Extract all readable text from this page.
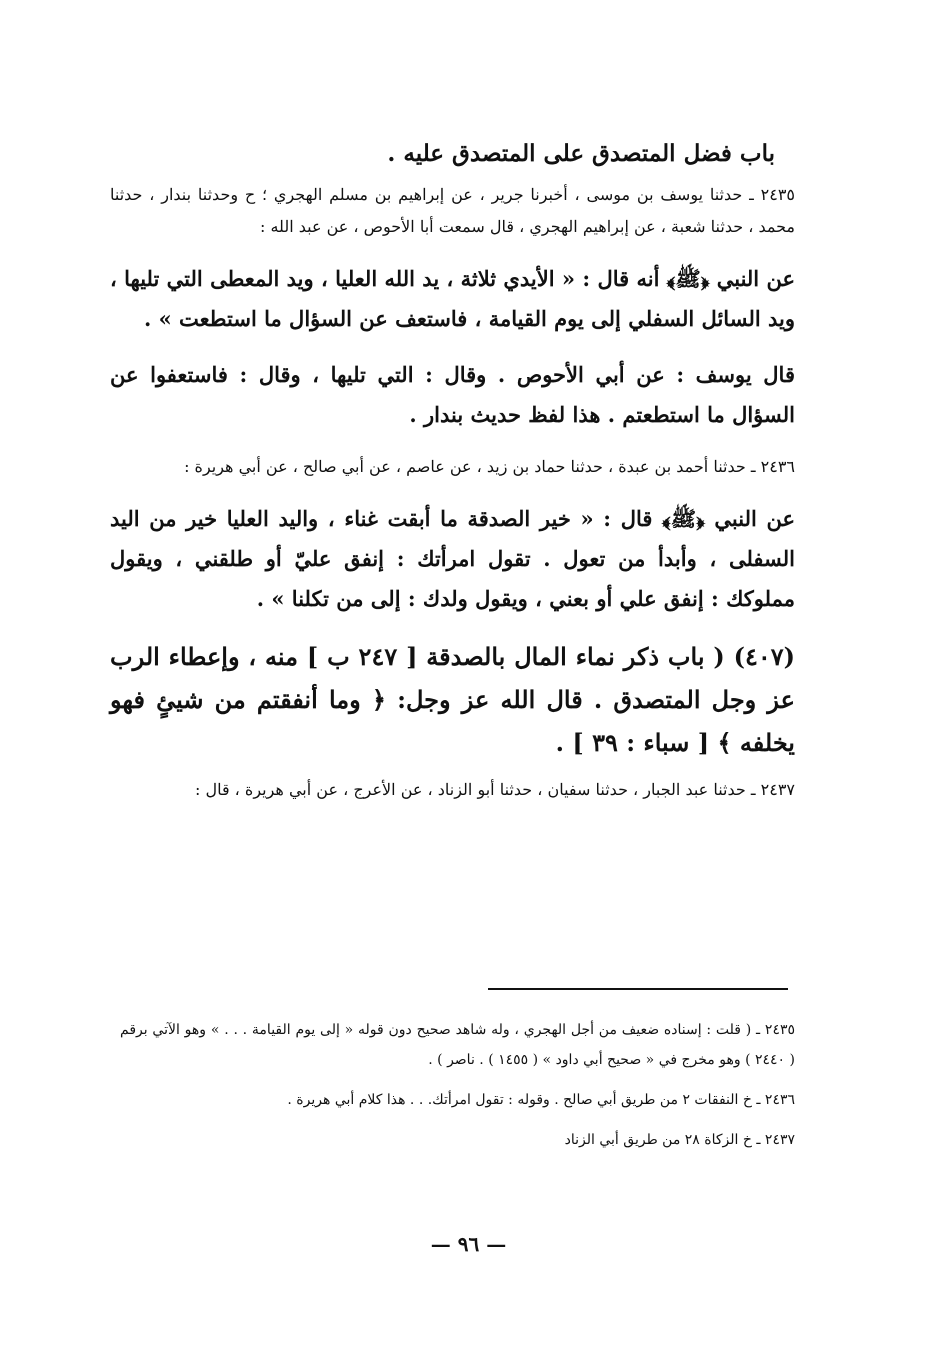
باب فضل المتصدق على المتصدق عليه .
٢٤٣٥ ـ حدثنا يوسف بن موسى ، أخبرنا جرير ، عن إبراهيم بن مسلم الهجري ؛ ح وحدثنا بندار ، حدثنا محمد ، حدثنا شعبة ، عن إبراهيم الهجري ، قال سمعت أبا الأحوص ، عن عبد الله :
عن النبي ﴿ﷺ﴾ أنه قال : « الأيدي ثلاثة ، يد الله العليا ، ويد المعطى التي تليها ، ويد السائل السفلي إلى يوم القيامة ، فاستعف عن السؤال ما استطعت » .
قال يوسف : عن أبي الأحوص . وقال : التي تليها ، وقال : فاستعفوا عن السؤال ما استطعتم . هذا لفظ حديث بندار .
٢٤٣٦ ـ حدثنا أحمد بن عبدة ، حدثنا حماد بن زيد ، عن عاصم ، عن أبي صالح ، عن أبي هريرة :
عن النبي ﴿ﷺ﴾ قال : « خير الصدقة ما أبقت غناء ، واليد العليا خير من اليد السفلى ، وأبدأ من تعول . تقول امرأتك : إنفق عليّ أو طلقني ، ويقول مملوكك : إنفق علي أو بعني ، ويقول ولدك : إلى من تكلنا » .
(٤٠٧) ( باب ذكر نماء المال بالصدقة [ ٢٤٧ ب ] منه ، وإعطاء الرب عز وجل المتصدق . قال الله عز وجل: ﴿ وما أنفقتم من شيئٍ فهو يخلفه ﴾ [ سباء : ٣٩ ] .
٢٤٣٧ ـ حدثنا عبد الجبار ، حدثنا سفيان ، حدثنا أبو الزناد ، عن الأعرج ، عن أبي هريرة ، قال :

٢٤٣٥ ـ ( قلت : إسناده ضعيف من أجل الهجري ، وله شاهد صحيح دون قوله « إلى يوم القيامة . . . » وهو الآتي برقم ( ٢٤٤٠ ) وهو مخرج في « صحيح أبي داود » ( ١٤٥٥ ) . ناصر ) .

٢٤٣٦ ـ خ النفقات ٢ من طريق أبي صالح . وقوله : تقول امرأتك. . . هذا كلام أبي هريرة .

٢٤٣٧ ـ خ الزكاة ٢٨ من طريق أبي الزناد

— ٩٦ —
